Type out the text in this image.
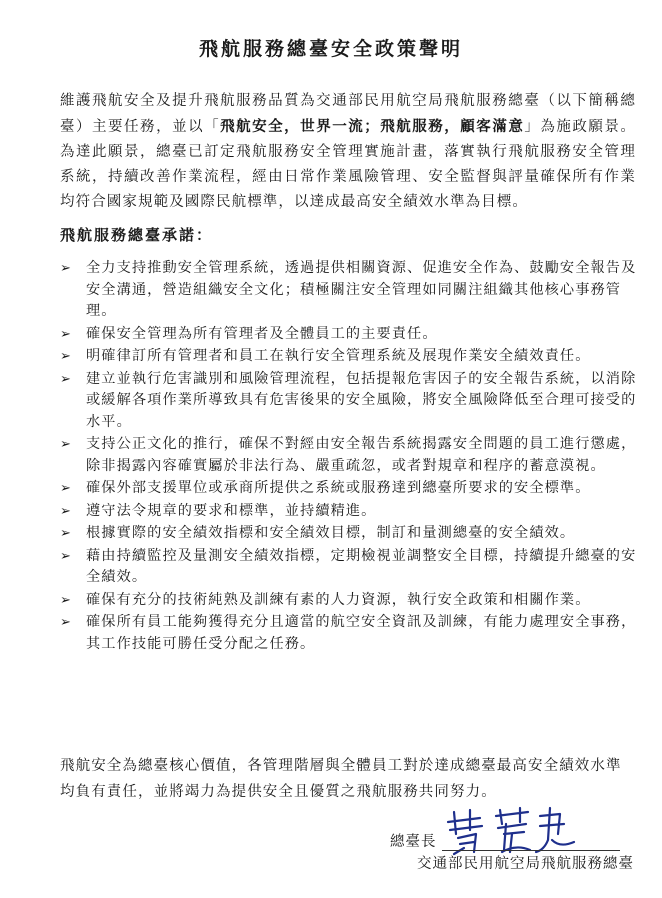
飛航服務總臺安全政策聲明

維護飛航安全及提升飛航服務品質為交通部民用航空局飛航服務總臺（以下簡稱總臺）主要任務，並以「飛航安全，世界一流；飛航服務，顧客滿意」為施政願景。為達此願景，總臺已訂定飛航服務安全管理實施計畫，落實執行飛航服務安全管理系統，持續改善作業流程，經由日常作業風險管理、安全監督與評量確保所有作業均符合國家規範及國際民航標準，以達成最高安全績效水準為目標。

飛航服務總臺承諾：
➢ 全力支持推動安全管理系統，透過提供相關資源、促進安全作為、鼓勵安全報告及安全溝通，營造組織安全文化；積極關注安全管理如同關注組織其他核心事務管理。
➢ 確保安全管理為所有管理者及全體員工的主要責任。
➢ 明確律訂所有管理者和員工在執行安全管理系統及展現作業安全績效責任。
➢ 建立並執行危害識別和風險管理流程，包括提報危害因子的安全報告系統，以消除或緩解各項作業所導致具有危害後果的安全風險，將安全風險降低至合理可接受的水平。
➢ 支持公正文化的推行，確保不對經由安全報告系統揭露安全問題的員工進行懲處，除非揭露內容確實屬於非法行為、嚴重疏忽，或者對規章和程序的蓄意漠視。
➢ 確保外部支援單位或承商所提供之系統或服務達到總臺所要求的安全標準。
➢ 遵守法令規章的要求和標準，並持續精進。
➢ 根據實際的安全績效指標和安全績效目標，制訂和量測總臺的安全績效。
➢ 藉由持續監控及量測安全績效指標，定期檢視並調整安全目標，持續提升總臺的安全績效。
➢ 確保有充分的技術純熟及訓練有素的人力資源，執行安全政策和相關作業。
➢ 確保所有員工能夠獲得充分且適當的航空安全資訊及訓練，有能力處理安全事務，其工作技能可勝任受分配之任務。

飛航安全為總臺核心價值，各管理階層與全體員工對於達成總臺最高安全績效水準均負有責任，並將竭力為提供安全且優質之飛航服務共同努力。

總臺長
交通部民用航空局飛航服務總臺
